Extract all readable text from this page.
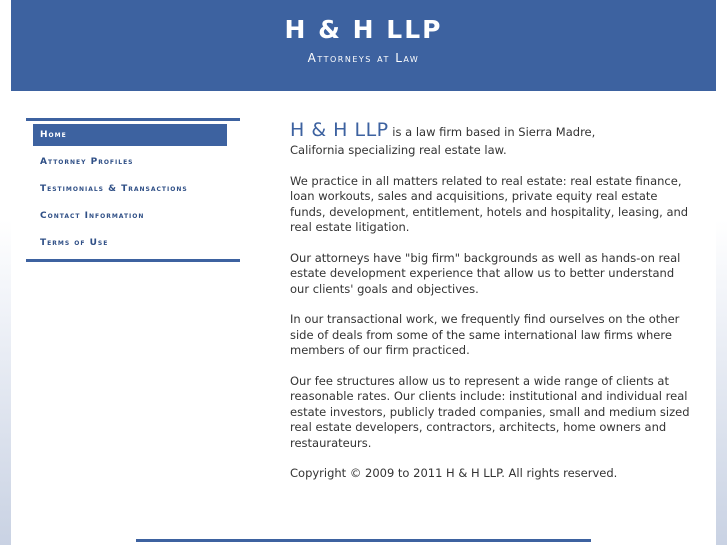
H & H LLP
Attorneys at Law
Home
Attorney Profiles
Testimonials & Transactions
Contact Information
Terms of Use

H & H LLP is a law firm based in Sierra Madre,
California specializing real estate law.

We practice in all matters related to real estate: real estate finance, loan workouts, sales and acquisitions, private equity real estate funds, development, entitlement, hotels and hospitality, leasing, and real estate litigation.

Our attorneys have "big firm" backgrounds as well as hands-on real estate development experience that allow us to better understand our clients' goals and objectives.

In our transactional work, we frequently find ourselves on the other side of deals from some of the same international law firms where members of our firm practiced.

Our fee structures allow us to represent a wide range of clients at reasonable rates. Our clients include: institutional and individual real estate investors, publicly traded companies, small and medium sized real estate developers, contractors, architects, home owners and restaurateurs.

Copyright © 2009 to 2011 H & H LLP. All rights reserved.
